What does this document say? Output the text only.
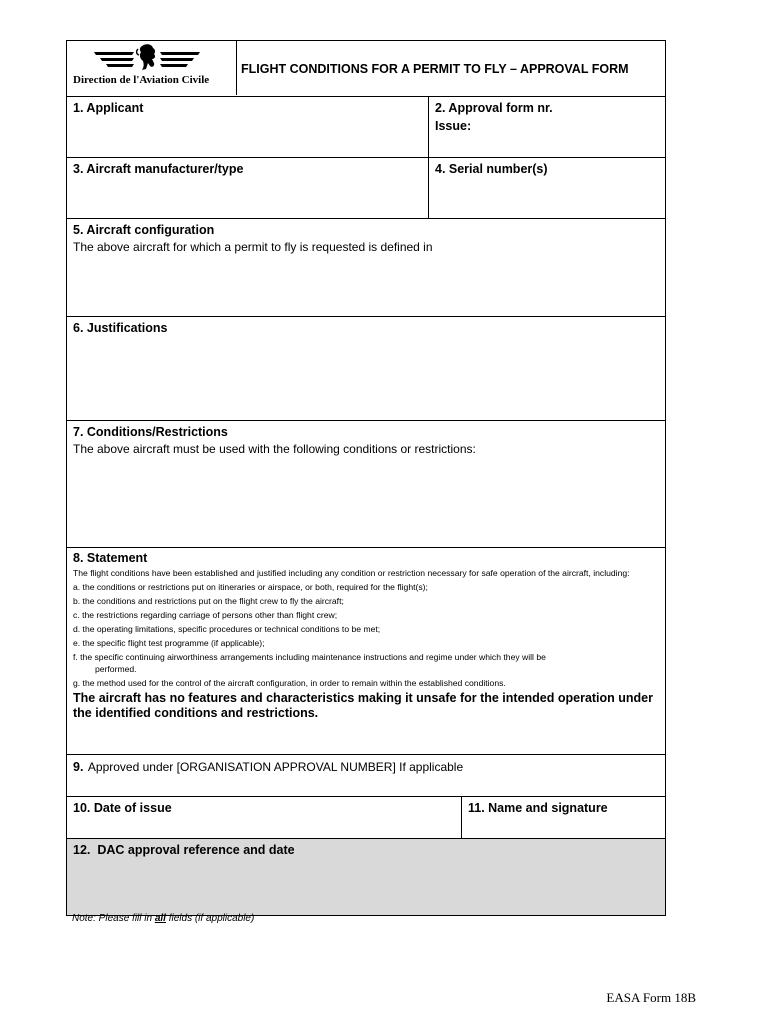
Direction de l'Aviation Civile
FLIGHT CONDITIONS FOR A PERMIT TO FLY – APPROVAL FORM
1. Applicant	2. Approval form nr.
Issue:
3. Aircraft manufacturer/type	4. Serial number(s)
5. Aircraft configuration
The above aircraft for which a permit to fly is requested is defined in
6. Justifications
7. Conditions/Restrictions
The above aircraft must be used with the following conditions or restrictions:
8. Statement

The flight conditions have been established and justified including any condition or restriction necessary for safe operation of the aircraft, including:

a. the conditions or restrictions put on itineraries or airspace, or both, required for the flight(s);

b. the conditions and restrictions put on the flight crew to fly the aircraft;

c. the restrictions regarding carriage of persons other than flight crew;

d. the operating limitations, specific procedures or technical conditions to be met;

e. the specific flight test programme (if applicable);

f. the specific continuing airworthiness arrangements including maintenance instructions and regime under which they will be

performed.

g. the method used for the control of the aircraft configuration, in order to remain within the established conditions.

The aircraft has no features and characteristics making it unsafe for the intended operation under the identified conditions and restrictions.
9. Approved under [ORGANISATION APPROVAL NUMBER] If applicable
10. Date of issue	11. Name and signature
12.  DAC approval reference and date
Note: Please fill in all fields (if applicable)
EASA Form 18B
